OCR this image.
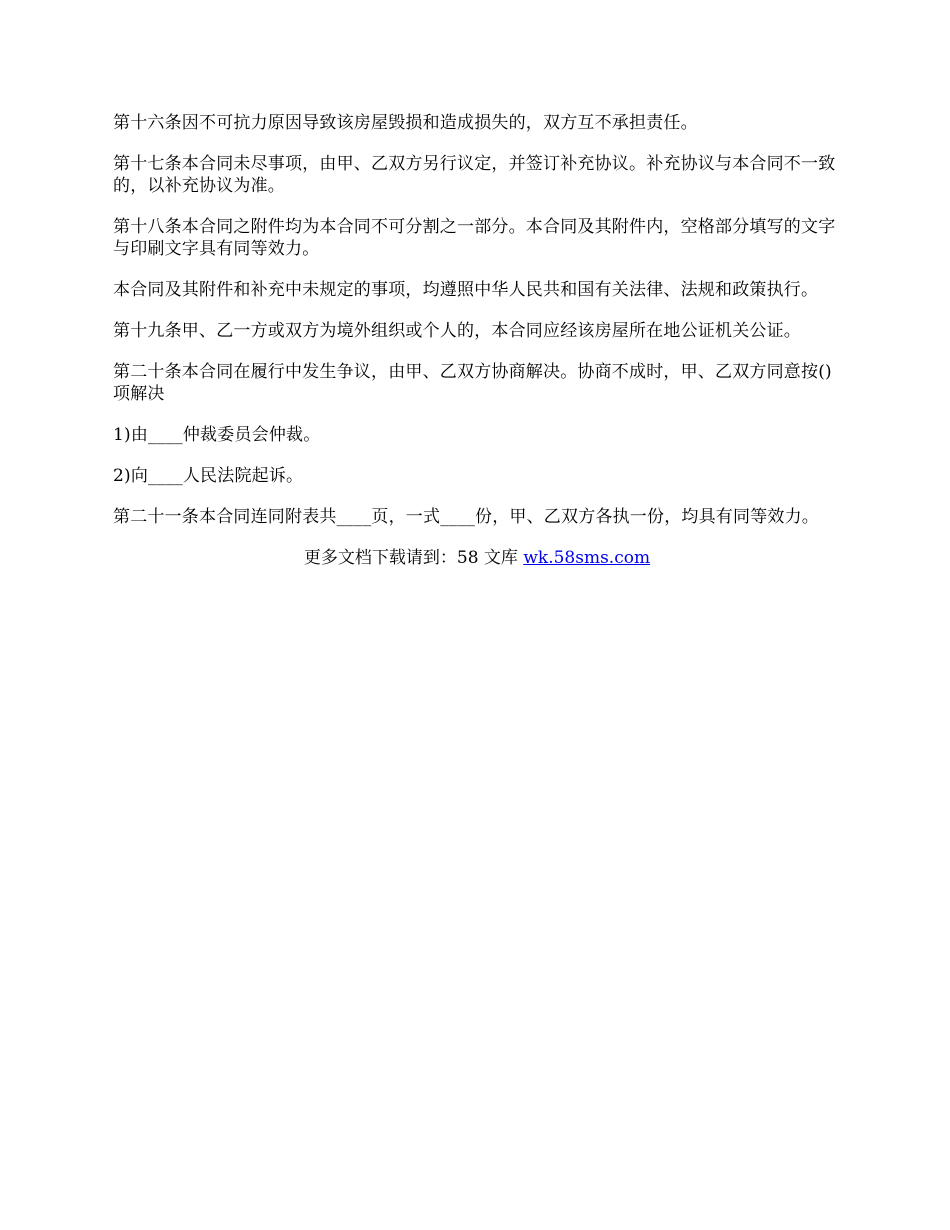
第十六条因不可抗力原因导致该房屋毁损和造成损失的，双方互不承担责任。

第十七条本合同未尽事项，由甲、乙双方另行议定，并签订补充协议。补充协议与本合同不一致的，以补充协议为准。

第十八条本合同之附件均为本合同不可分割之一部分。本合同及其附件内，空格部分填写的文字与印刷文字具有同等效力。

本合同及其附件和补充中未规定的事项，均遵照中华人民共和国有关法律、法规和政策执行。

第十九条甲、乙一方或双方为境外组织或个人的，本合同应经该房屋所在地公证机关公证。

第二十条本合同在履行中发生争议，由甲、乙双方协商解决。协商不成时，甲、乙双方同意按()项解决

1)由____仲裁委员会仲裁。

2)向____人民法院起诉。

第二十一条本合同连同附表共____页，一式____份，甲、乙双方各执一份，均具有同等效力。

更多文档下载请到：58 文库 wk.58sms.com
